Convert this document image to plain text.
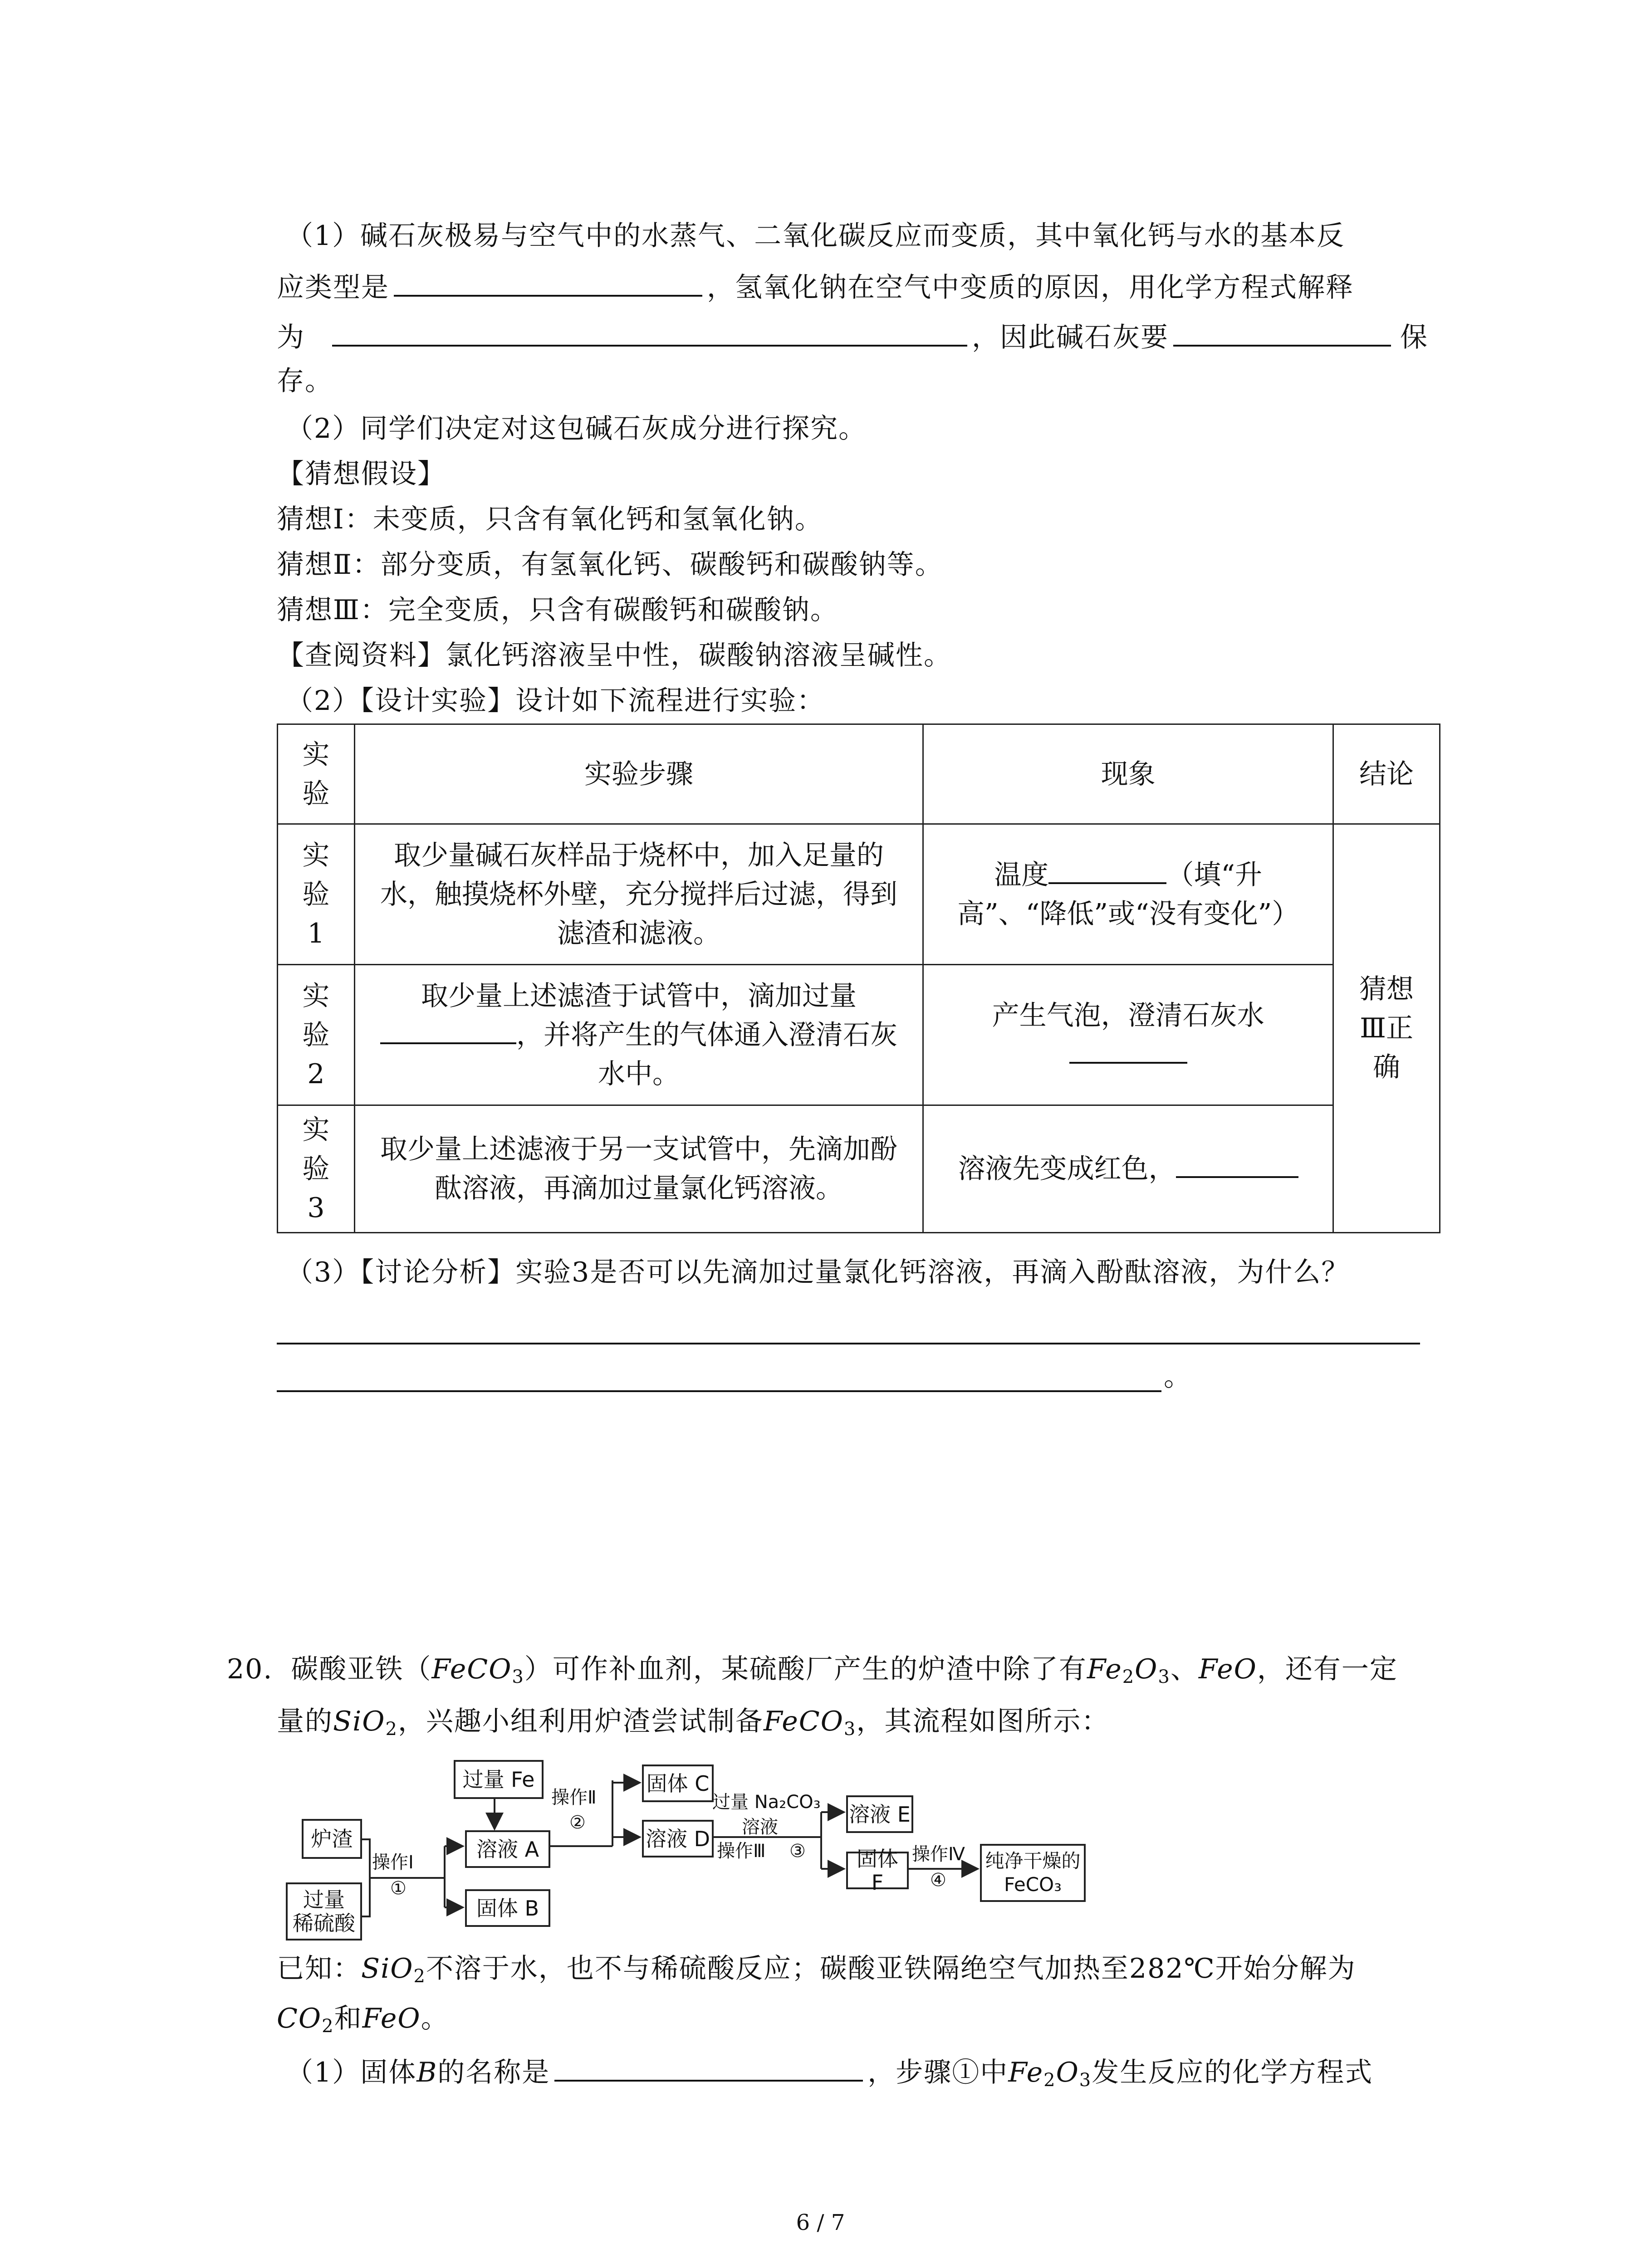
（1）碱石灰极易与空气中的水蒸气、二氧化碳反应而变质，其中氧化钙与水的基本反
应类型是	，氢氧化钠在空气中变质的原因，用化学方程式解释
为	，因此碱石灰要	保
存。
（2）同学们决定对这包碱石灰成分进行探究。
【猜想假设】
猜想Ⅰ：未变质，只含有氧化钙和氢氧化钠。
猜想Ⅱ：部分变质，有氢氧化钙、碳酸钙和碳酸钠等。
猜想Ⅲ：完全变质，只含有碳酸钙和碳酸钠。
【查阅资料】氯化钙溶液呈中性，碳酸钠溶液呈碱性。
（2）【设计实验】设计如下流程进行实验：
实验	实验步骤	现象	结论

实验1	取少量碱石灰样品于烧杯中，加入足量的水，触摸烧杯外壁，充分搅拌后过滤，得到滤渣和滤液。	温度 （填“升高”、“降低”或“没有变化”）	猜想Ⅲ正确

实验2	取少量上述滤渣于试管中，滴加过量，并将产生的气体通入澄清石灰水中。	产生气泡，澄清石灰水	

实验3	取少量上述滤液于另一支试管中，先滴加酚酞溶液，再滴加过量氯化钙溶液。	溶液先变成红色，	
（3）【讨论分析】实验3是否可以先滴加过量氯化钙溶液，再滴入酚酞溶液，为什么？
。
20. 碳酸亚铁（FeCO$_3$）可作补血剂，某硫酸厂产生的炉渣中除了有$Fe_2O_3$、FeO，还有一定
量的SiO$_2$，兴趣小组利用炉渣尝试制备FeCO$_3$，其流程如图所示：
炉渣
过量
稀硫酸
操作Ⅰ
①
过量 Fe
溶液 A
固体 B
操作Ⅱ
②
固体 C
溶液 D
过量 Na₂CO₃
溶液
操作Ⅲ ③
溶液 E
固体 F
操作Ⅳ
④
纯净干燥的
FeCO₃
已知：SiO$_2$不溶于水，也不与稀硫酸反应；碳酸亚铁隔绝空气加热至282℃开始分解为
$CO_2$和FeO。
（1）固体B的名称是	，步骤①中$Fe_2O_3$发生反应的化学方程式
6 / 7
